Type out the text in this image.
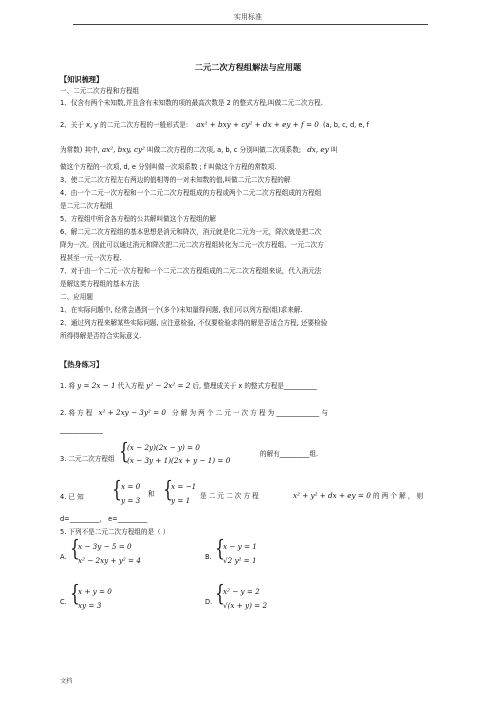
实用标准
二元二次方程组解法与应用题
【知识梳理】
一、二元二次方程和方程组
1、仅含有两个未知数,并且含有未知数的项的最高次数是 2 的整式方程,叫做二元二次方程.
2、关于 x, y 的二元二次方程的一般形式是: ax² + bxy + cy² + dx + ey + f = 0 (a, b, c, d, e, f
为常数) 其中, ax², bxy, cy² 叫做二次方程的二次项, a, b, c 分别叫做二次项系数; dx, ey 叫
做这个方程的一次项, d, e 分别叫做一次项系数 ; f 叫做这个方程的常数项.
3、使二元二次方程左右两边的值相等的一对未知数的值,叫做二元二次方程的解
4、由一个二元一次方程和一个二元二次方程组成的方程或两个二元二次方程组成的方程组
是二元二次方程组
5、方程组中所含各方程的公共解叫做这个方程组的解
6、解二元二次方程组的基本思想是消元和降次，消元就是化二元为一元，降次就是把二次
降为一次。因此可以通过消元和降次把二元二次方程组转化为二元一次方程组、一元二次方
程甚至一元一次方程.
7、对于由一个二元一次方程和一个二元二次方程组成的二元二次方程组来说，代入消元法
是解这类方程组的基本方法
二、应用题
1、在实际问题中, 经常会遇到一个(多个)未知量得问题, 我们可以列方程(组)求来解.
2、通过列方程来解某些实际问题, 应注意检验, 不仅要检验求得的解是否适合方程, 还要检验
所得得解是否符合实际意义.
【热身练习】
1. 将 y = 2x − 1 代入方程 y² − 2x² = 2 后, 整理成关于 x 的整式方程是__________
2. 将 方 程 x² + 2xy − 3y² = 0 分 解 为 两 个 二 元 一 次 方 程 为 _____________ 与
_____________
3. 二元二次方程组 {
(x − 2y)(2x − y) = 0
(x − 3y + 1)(2x + y − 1) = 0
的解有_________组.
4. 已 知 { x = 0
y = 3
和 {
x = −1
y = 1 是 二 元 二 次 方 程	x² + y² + dx + ey = 0 的 两 个 解 ， 则
d=_________， e=_________
5. 下列不是二元二次方程组的是（ ）
A. {
x − 3y − 5 = 0
x² − 2xy + y² = 4	B. {
x − y = 1
√2 y² = 1
C. {
x + y = 0
xy = 3	D. {
x² − y = 2
√(x + y) = 2
文档
